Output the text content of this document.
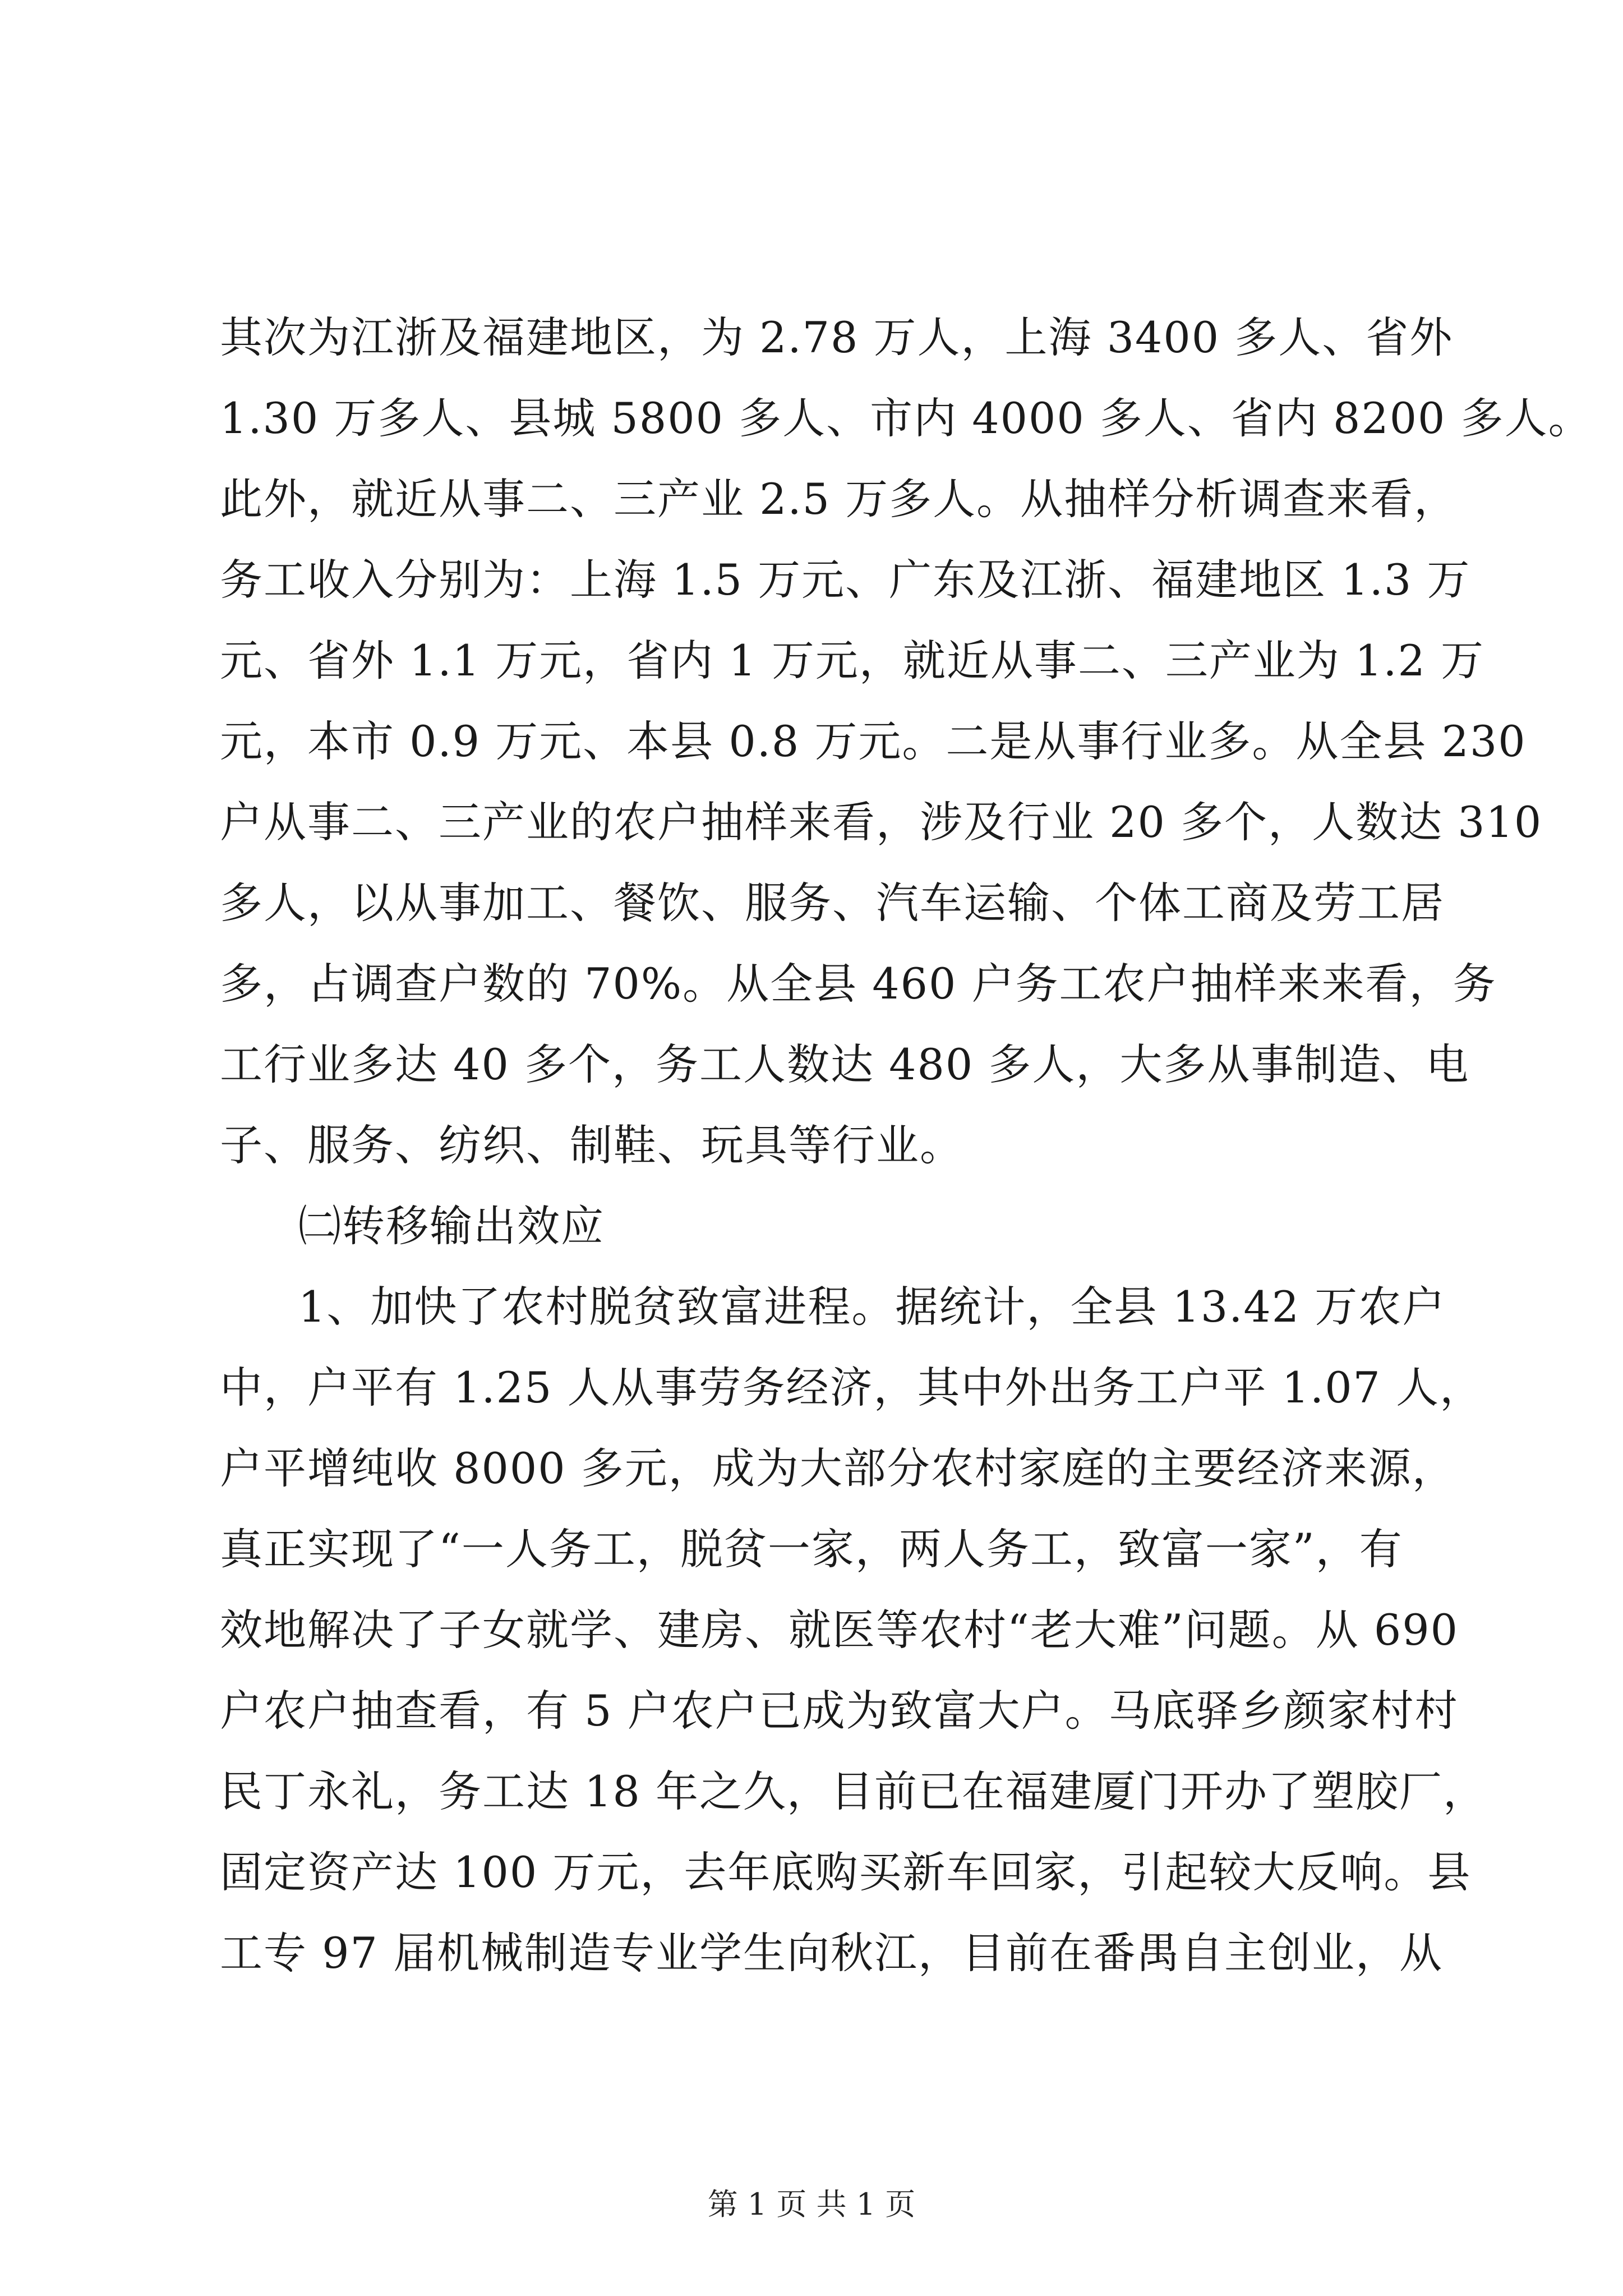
其次为江浙及福建地区，为 2.78 万人，上海 3400 多人、省外
1.30 万多人、县城 5800 多人、市内 4000 多人、省内 8200 多人。
此外，就近从事二、三产业 2.5 万多人。从抽样分析调查来看，
务工收入分别为：上海 1.5 万元、广东及江浙、福建地区 1.3 万
元、省外 1.1 万元，省内 1 万元，就近从事二、三产业为 1.2 万
元，本市 0.9 万元、本县 0.8 万元。二是从事行业多。从全县 230
户从事二、三产业的农户抽样来看，涉及行业 20 多个，人数达 310
多人，以从事加工、餐饮、服务、汽车运输、个体工商及劳工居
多，占调查户数的 70%。从全县 460 户务工农户抽样来来看，务
工行业多达 40 多个，务工人数达 480 多人，大多从事制造、电
子、服务、纺织、制鞋、玩具等行业。
㈡转移输出效应
1、加快了农村脱贫致富进程。据统计，全县 13.42 万农户
中，户平有 1.25 人从事劳务经济，其中外出务工户平 1.07 人，
户平增纯收 8000 多元，成为大部分农村家庭的主要经济来源，
真正实现了“一人务工，脱贫一家，两人务工，致富一家”，有
效地解决了子女就学、建房、就医等农村“老大难”问题。从 690
户农户抽查看，有 5 户农户已成为致富大户。马底驿乡颜家村村
民丁永礼，务工达 18 年之久，目前已在福建厦门开办了塑胶厂，
固定资产达 100 万元，去年底购买新车回家，引起较大反响。县
工专 97 届机械制造专业学生向秋江，目前在番禺自主创业，从
第 1 页 共 1 页
